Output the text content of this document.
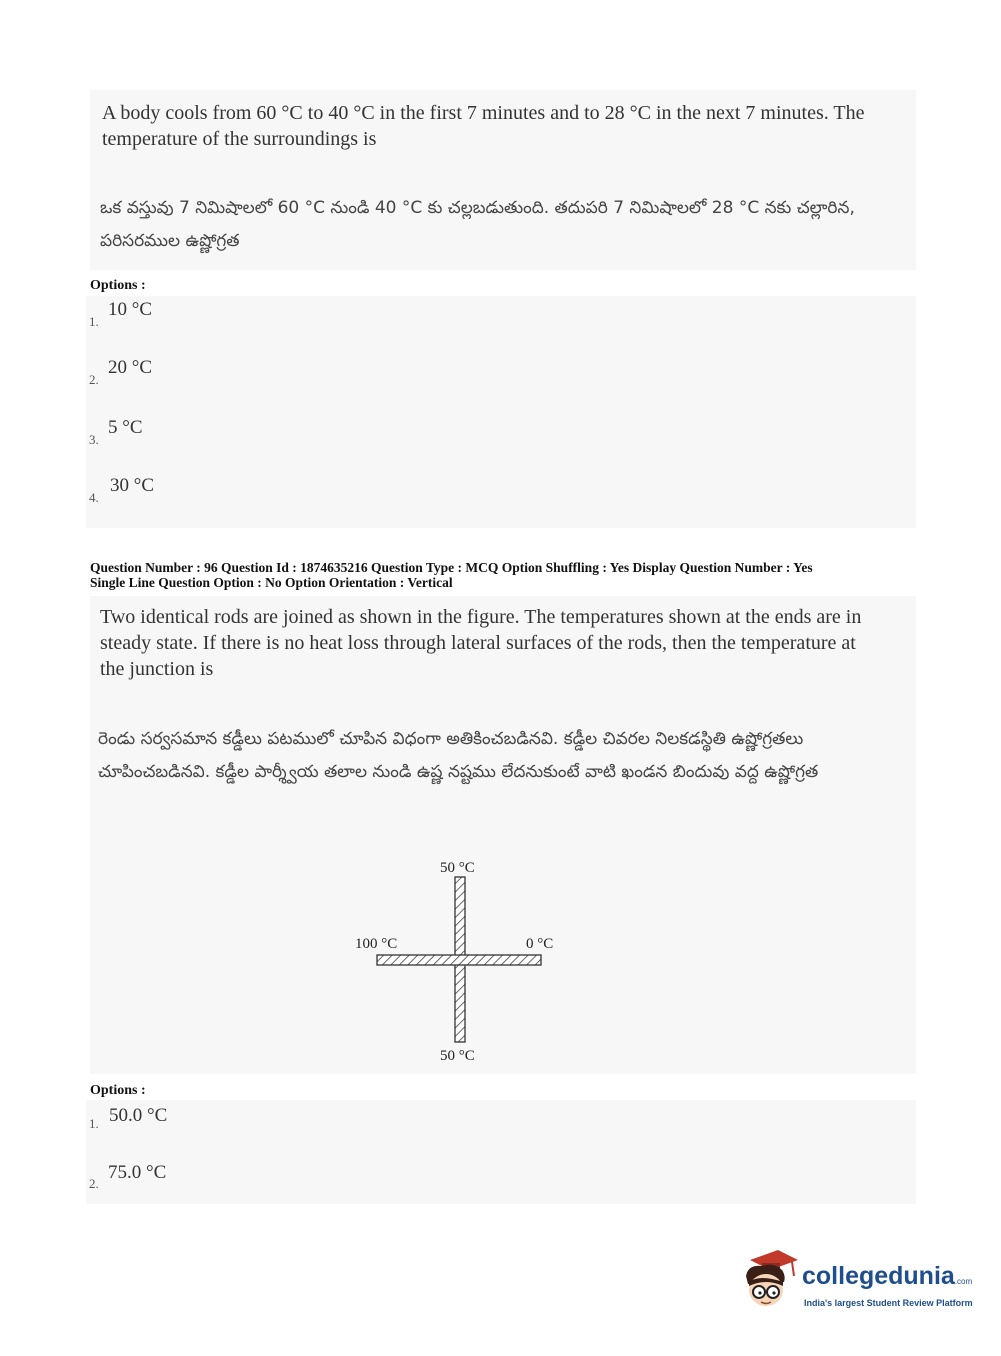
A body cools from 60 °C to 40 °C in the first 7 minutes and to 28 °C in the next 7 minutes. The temperature of the surroundings is
ఒక వస్తువు 7 నిమిషాలలో 60 °C నుండి 40 °C కు చల్లబడుతుంది. తదుపరి 7 నిమిషాలలో 28 °C నకు చల్లారిన, పరిసరముల ఉష్ణోగ్రత
Options :
1.
10 °C
2.
20 °C
3.
5 °C
4.
30 °C
Question Number : 96 Question Id : 1874635216 Question Type : MCQ Option Shuffling : Yes Display Question Number : Yes
Single Line Question Option : No Option Orientation : Vertical
Two identical rods are joined as shown in the figure. The temperatures shown at the ends are in steady state. If there is no heat loss through lateral surfaces of the rods, then the temperature at the junction is
రెండు సర్వసమాన కడ్డీలు పటములో చూపిన విధంగా అతికించబడినవి. కడ్డీల చివరల నిలకడస్థితి ఉష్ణోగ్రతలు చూపించబడినవి. కడ్డీల పార్శ్వీయ తలాల నుండి ఉష్ణ నష్టము లేదనుకుంటే వాటి ఖండన బిందువు వద్ద ఉష్ణోగ్రత
50 °C
100 °C	0 °C
50 °C
Options :
1. 50.0 °C
2.
75.0 °C
collegedunia.com
India's largest Student Review Platform
